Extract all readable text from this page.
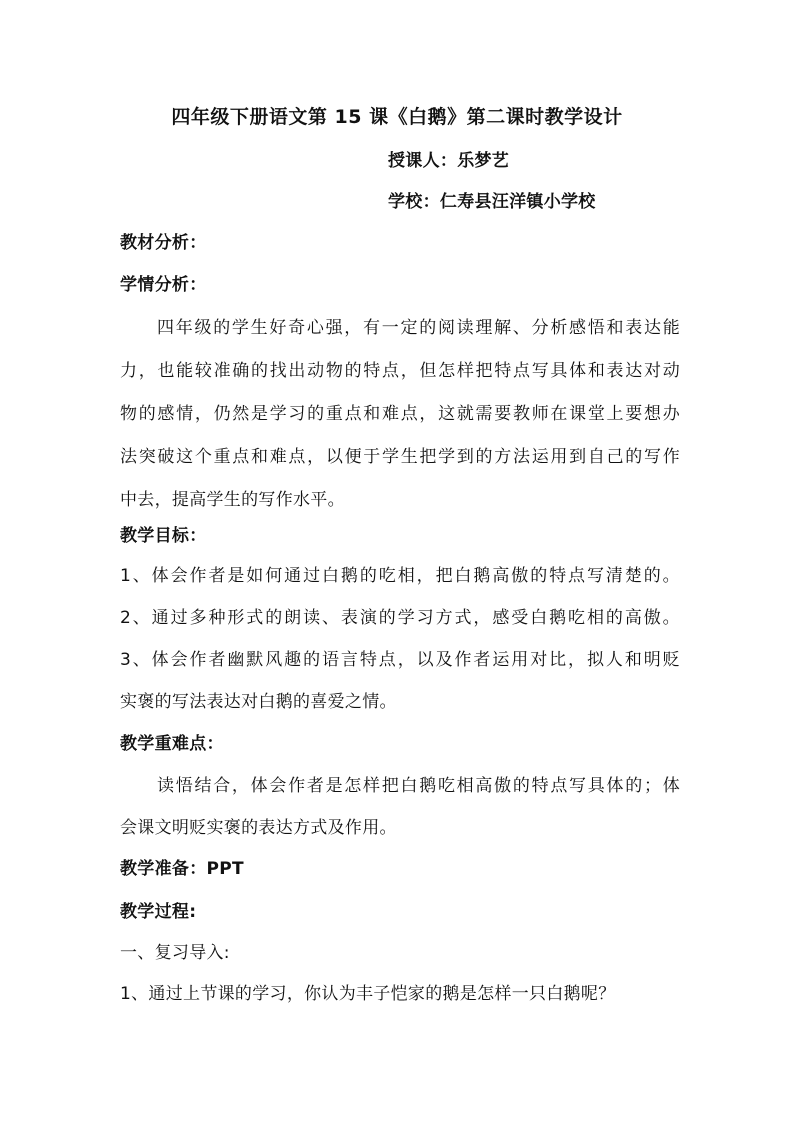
四年级下册语文第 15 课《白鹅》第二课时教学设计
授课人：乐梦艺
学校：仁寿县汪洋镇小学校
教材分析：
学情分析：
四年级的学生好奇心强，有一定的阅读理解、分析感悟和表达能
力，也能较准确的找出动物的特点，但怎样把特点写具体和表达对动
物的感情，仍然是学习的重点和难点，这就需要教师在课堂上要想办
法突破这个重点和难点，以便于学生把学到的方法运用到自己的写作
中去，提高学生的写作水平。
教学目标：
1、体会作者是如何通过白鹅的吃相，把白鹅高傲的特点写清楚的。
2、通过多种形式的朗读、表演的学习方式，感受白鹅吃相的高傲。
3、体会作者幽默风趣的语言特点，以及作者运用对比，拟人和明贬
实褒的写法表达对白鹅的喜爱之情。
教学重难点：
读悟结合，体会作者是怎样把白鹅吃相高傲的特点写具体的；体
会课文明贬实褒的表达方式及作用。
教学准备：PPT
教学过程:
一、复习导入:
1、通过上节课的学习，你认为丰子恺家的鹅是怎样一只白鹅呢？
